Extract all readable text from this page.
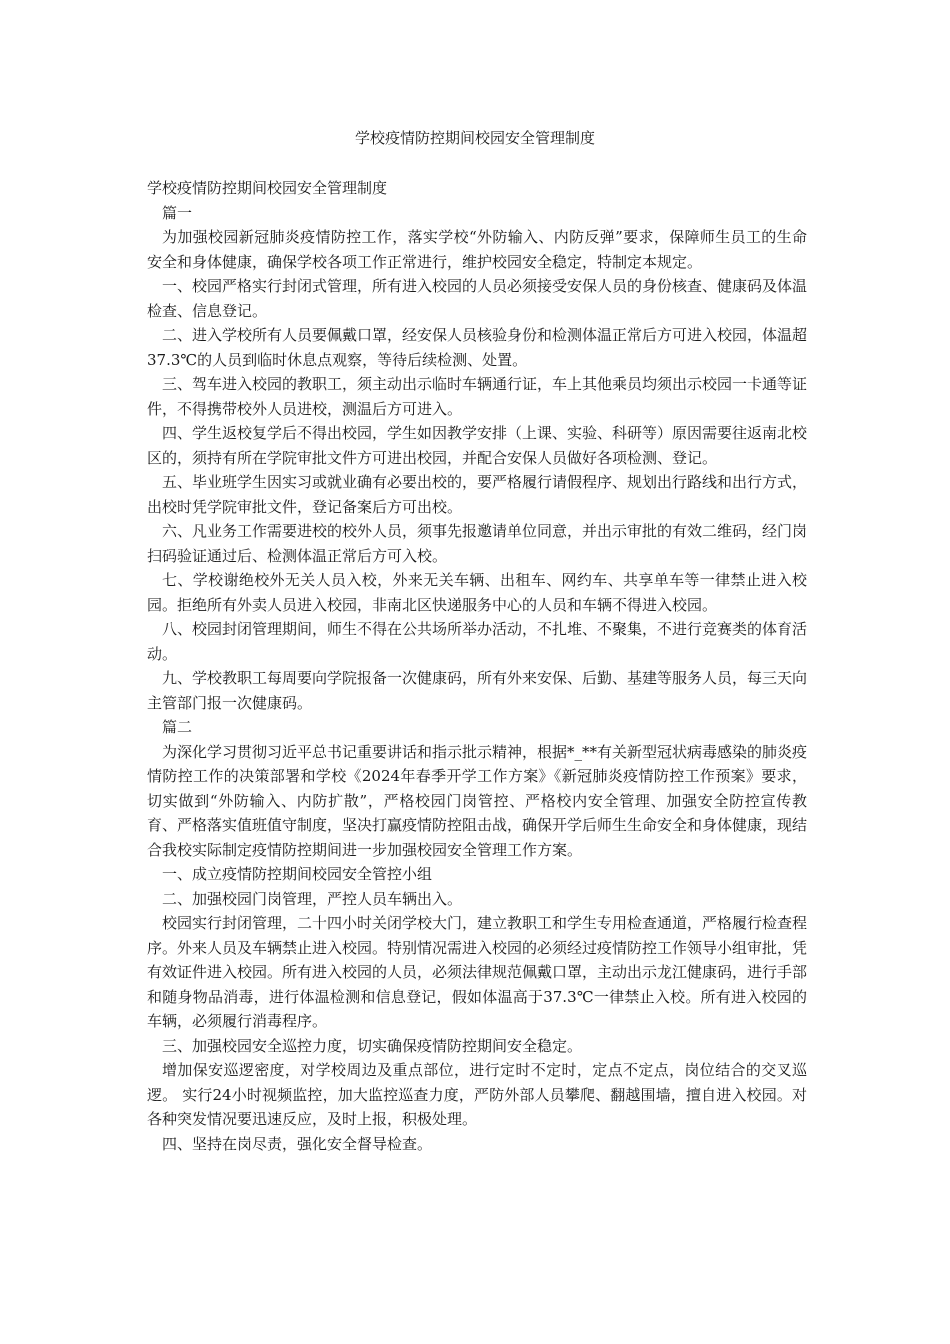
学校疫情防控期间校园安全管理制度

学校疫情防控期间校园安全管理制度

篇一

为加强校园新冠肺炎疫情防控工作，落实学校“外防输入、内防反弹”要求，保障师生员工的生命安全和身体健康，确保学校各项工作正常进行，维护校园安全稳定，特制定本规定。

一、校园严格实行封闭式管理，所有进入校园的人员必须接受安保人员的身份核查、健康码及体温检查、信息登记。

二、进入学校所有人员要佩戴口罩，经安保人员核验身份和检测体温正常后方可进入校园，体温超37.3℃的人员到临时休息点观察，等待后续检测、处置。

三、驾车进入校园的教职工，须主动出示临时车辆通行证，车上其他乘员均须出示校园一卡通等证件，不得携带校外人员进校，测温后方可进入。

四、学生返校复学后不得出校园，学生如因教学安排（上课、实验、科研等）原因需要往返南北校区的，须持有所在学院审批文件方可进出校园，并配合安保人员做好各项检测、登记。

五、毕业班学生因实习或就业确有必要出校的，要严格履行请假程序、规划出行路线和出行方式，出校时凭学院审批文件，登记备案后方可出校。

六、凡业务工作需要进校的校外人员，须事先报邀请单位同意，并出示审批的有效二维码，经门岗扫码验证通过后、检测体温正常后方可入校。

七、学校谢绝校外无关人员入校，外来无关车辆、出租车、网约车、共享单车等一律禁止进入校园。拒绝所有外卖人员进入校园，非南北区快递服务中心的人员和车辆不得进入校园。

八、校园封闭管理期间，师生不得在公共场所举办活动，不扎堆、不聚集，不进行竞赛类的体育活动。

九、学校教职工每周要向学院报备一次健康码，所有外来安保、后勤、基建等服务人员，每三天向主管部门报一次健康码。

篇二

为深化学习贯彻习近平总书记重要讲话和指示批示精神，根据*_**有关新型冠状病毒感染的肺炎疫情防控工作的决策部署和学校《2024年春季开学工作方案》《新冠肺炎疫情防控工作预案》要求，切实做到“外防输入、内防扩散”，严格校园门岗管控、严格校内安全管理、加强安全防控宣传教育、严格落实值班值守制度，坚决打赢疫情防控阻击战，确保开学后师生生命安全和身体健康，现结合我校实际制定疫情防控期间进一步加强校园安全管理工作方案。

一、成立疫情防控期间校园安全管控小组

二、加强校园门岗管理，严控人员车辆出入。

校园实行封闭管理，二十四小时关闭学校大门，建立教职工和学生专用检查通道，严格履行检查程序。外来人员及车辆禁止进入校园。特别情况需进入校园的必须经过疫情防控工作领导小组审批，凭有效证件进入校园。所有进入校园的人员，必须法律规范佩戴口罩，主动出示龙江健康码，进行手部和随身物品消毒，进行体温检测和信息登记，假如体温高于37.3℃一律禁止入校。所有进入校园的车辆，必须履行消毒程序。

三、加强校园安全巡控力度，切实确保疫情防控期间安全稳定。

增加保安巡逻密度，对学校周边及重点部位，进行定时不定时，定点不定点，岗位结合的交叉巡逻。 实行24小时视频监控，加大监控巡查力度，严防外部人员攀爬、翻越围墙，擅自进入校园。对各种突发情况要迅速反应，及时上报，积极处理。

四、坚持在岗尽责，强化安全督导检查。
